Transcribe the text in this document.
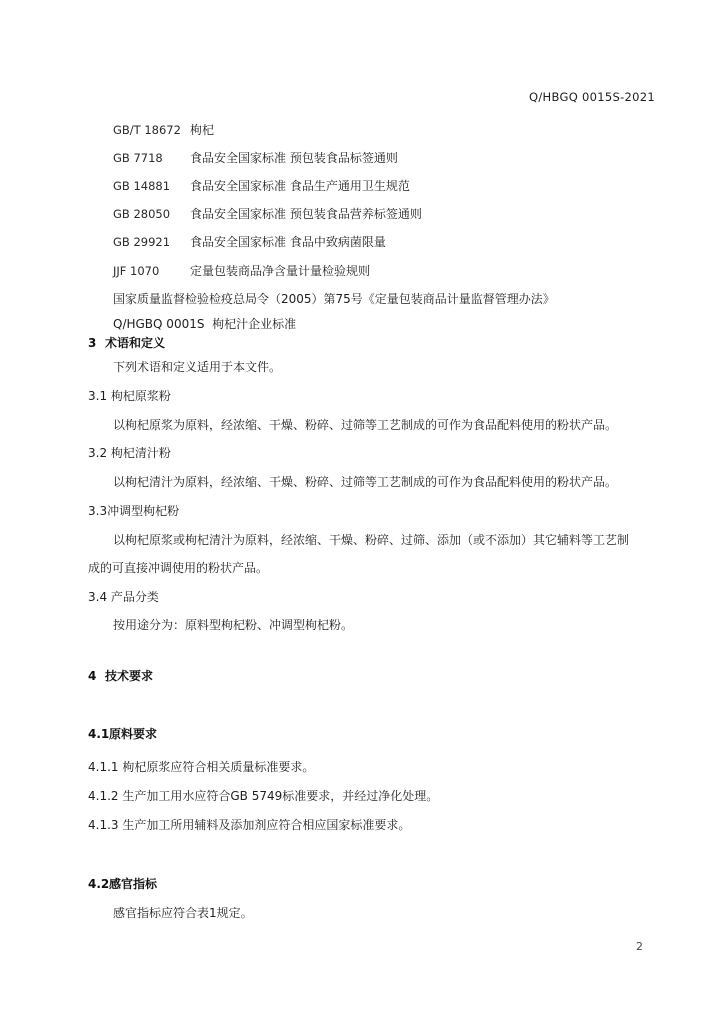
Q/HBGQ 0015S-2021
GB/T 18672 枸杞
GB 7718 食品安全国家标准 预包装食品标签通则
GB 14881 食品安全国家标准 食品生产通用卫生规范
GB 28050 食品安全国家标准 预包装食品营养标签通则
GB 29921 食品安全国家标准 食品中致病菌限量
JJF 1070	定量包装商品净含量计量检验规则
国家质量监督检验检疫总局令（2005）第75号《定量包装商品计量监督管理办法》
Q/HGBQ 0001S  枸杞汁企业标准
3 术语和定义
下列术语和定义适用于本文件。
3.1 枸杞原浆粉
以枸杞原浆为原料，经浓缩、干燥、粉碎、过筛等工艺制成的可作为食品配料使用的粉状产品。
3.2 枸杞清汁粉
以枸杞清汁为原料，经浓缩、干燥、粉碎、过筛等工艺制成的可作为食品配料使用的粉状产品。
3.3冲调型枸杞粉
以枸杞原浆或枸杞清汁为原料，经浓缩、干燥、粉碎、过筛、添加（或不添加）其它辅料等工艺制
成的可直接冲调使用的粉状产品。
3.4 产品分类
按用途分为：原料型枸杞粉、冲调型枸杞粉。
4 技术要求
4.1 原料要求
4.1.1 枸杞原浆应符合相关质量标准要求。
4.1.2 生产加工用水应符合GB 5749标准要求，并经过净化处理。
4.1.3 生产加工所用辅料及添加剂应符合相应国家标准要求。
4.2 感官指标
感官指标应符合表1规定。
2
